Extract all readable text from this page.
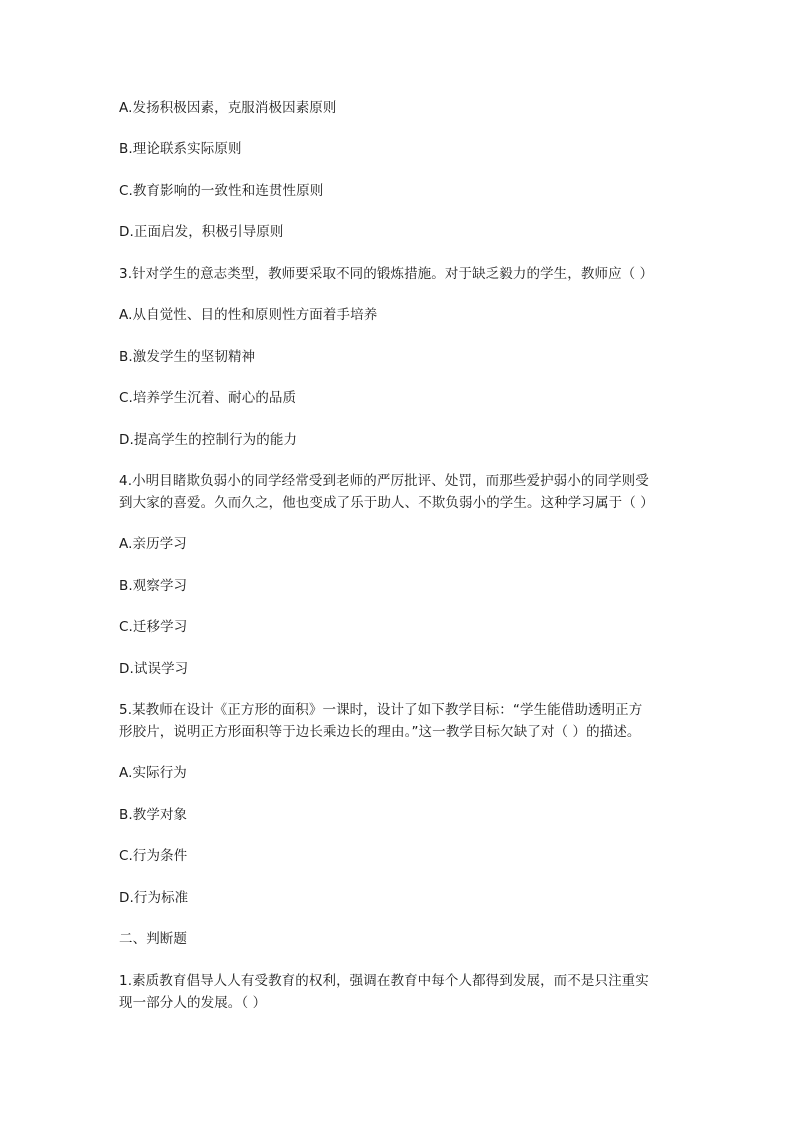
A.发扬积极因素，克服消极因素原则
B.理论联系实际原则
C.教育影响的一致性和连贯性原则
D.正面启发，积极引导原则
3.针对学生的意志类型，教师要采取不同的锻炼措施。对于缺乏毅力的学生，教师应（ ）
A.从自觉性、目的性和原则性方面着手培养
B.激发学生的坚韧精神
C.培养学生沉着、耐心的品质
D.提高学生的控制行为的能力
4.小明目睹欺负弱小的同学经常受到老师的严厉批评、处罚，而那些爱护弱小的同学则受
到大家的喜爱。久而久之，他也变成了乐于助人、不欺负弱小的学生。这种学习属于（ ）
A.亲历学习
B.观察学习
C.迁移学习
D.试误学习
5.某教师在设计《正方形的面积》一课时，设计了如下教学目标：“学生能借助透明正方
形胶片，说明正方形面积等于边长乘边长的理由。”这一教学目标欠缺了对（ ）的描述。
A.实际行为
B.教学对象
C.行为条件
D.行为标准
二、判断题
1.素质教育倡导人人有受教育的权利，强调在教育中每个人都得到发展，而不是只注重实
现一部分人的发展。（ ）
